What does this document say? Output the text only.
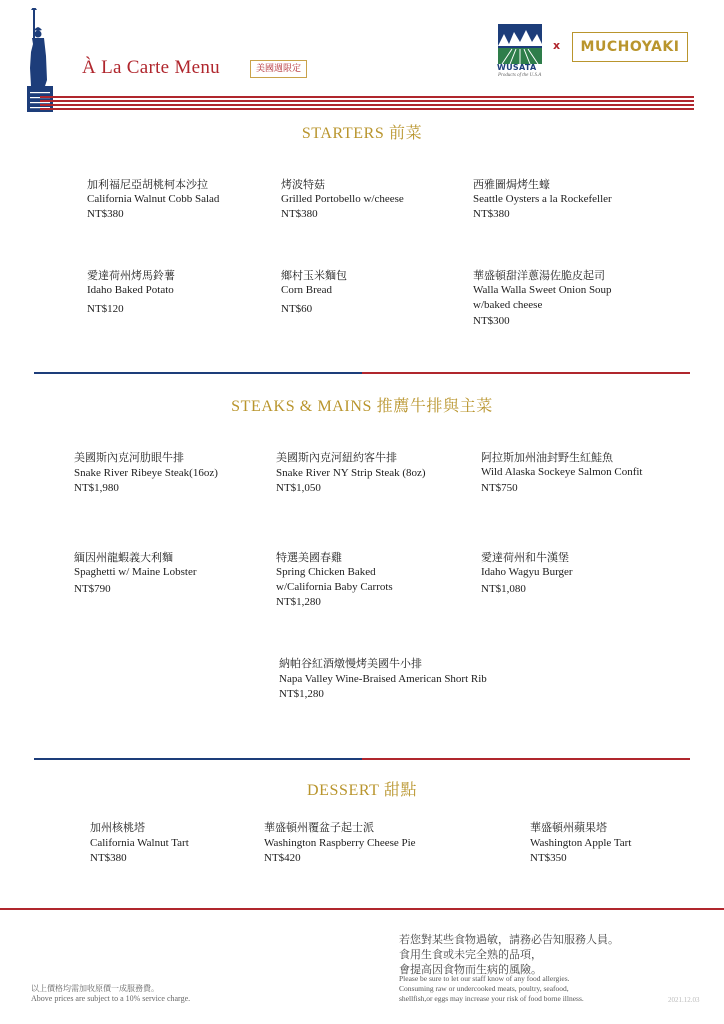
À La Carte Menu	美國週限定	WUSATA
Products of the U.S.A
x	MUCHOYAKI
STARTERS 前菜
加利福尼亞胡桃柯本沙拉
California Walnut Cobb Salad
NT$380
烤波特菇
Grilled Portobello w/cheese
NT$380
西雅圖焗烤生蠔
Seattle Oysters a la Rockefeller
NT$380
愛達荷州烤馬鈴薯
Idaho Baked Potato
NT$120
鄉村玉米麵包
Corn Bread
NT$60
華盛頓甜洋蔥湯佐脆皮起司
Walla Walla Sweet Onion Soup
w/baked cheese
NT$300
STEAKS & MAINS 推薦牛排與主菜
美國斯內克河肋眼牛排
Snake River Ribeye Steak(16oz)
NT$1,980
美國斯內克河紐約客牛排
Snake River NY Strip Steak (8oz)
NT$1,050
阿拉斯加州油封野生紅鮭魚
Wild Alaska Sockeye Salmon Confit
NT$750
緬因州龍蝦義大利麵
Spaghetti w/ Maine Lobster
NT$790
特選美國春雞
Spring Chicken Baked
w/California Baby Carrots
NT$1,280
愛達荷州和牛漢堡
Idaho Wagyu Burger
NT$1,080
納帕谷紅酒燉慢烤美國牛小排
Napa Valley Wine-Braised American Short Rib
NT$1,280
DESSERT 甜點
加州核桃塔
California Walnut Tart
NT$380
華盛頓州覆盆子起士派
Washington Raspberry Cheese Pie
NT$420
華盛頓州蘋果塔
Washington Apple Tart
NT$350
若您對某些食物過敏，請務必告知服務人員。
食用生食或未完全熟的品項，
會提高因食物而生病的風險。
Please be sure to let our staff know of any food allergies.
Consuming raw or undercooked meats, poultry, seafood,
shellfish,or eggs may increase your risk of food borne illness.
以上價格均需加收原價一成服務費。
Above prices are subject to a 10% service charge.	2021.12.03
